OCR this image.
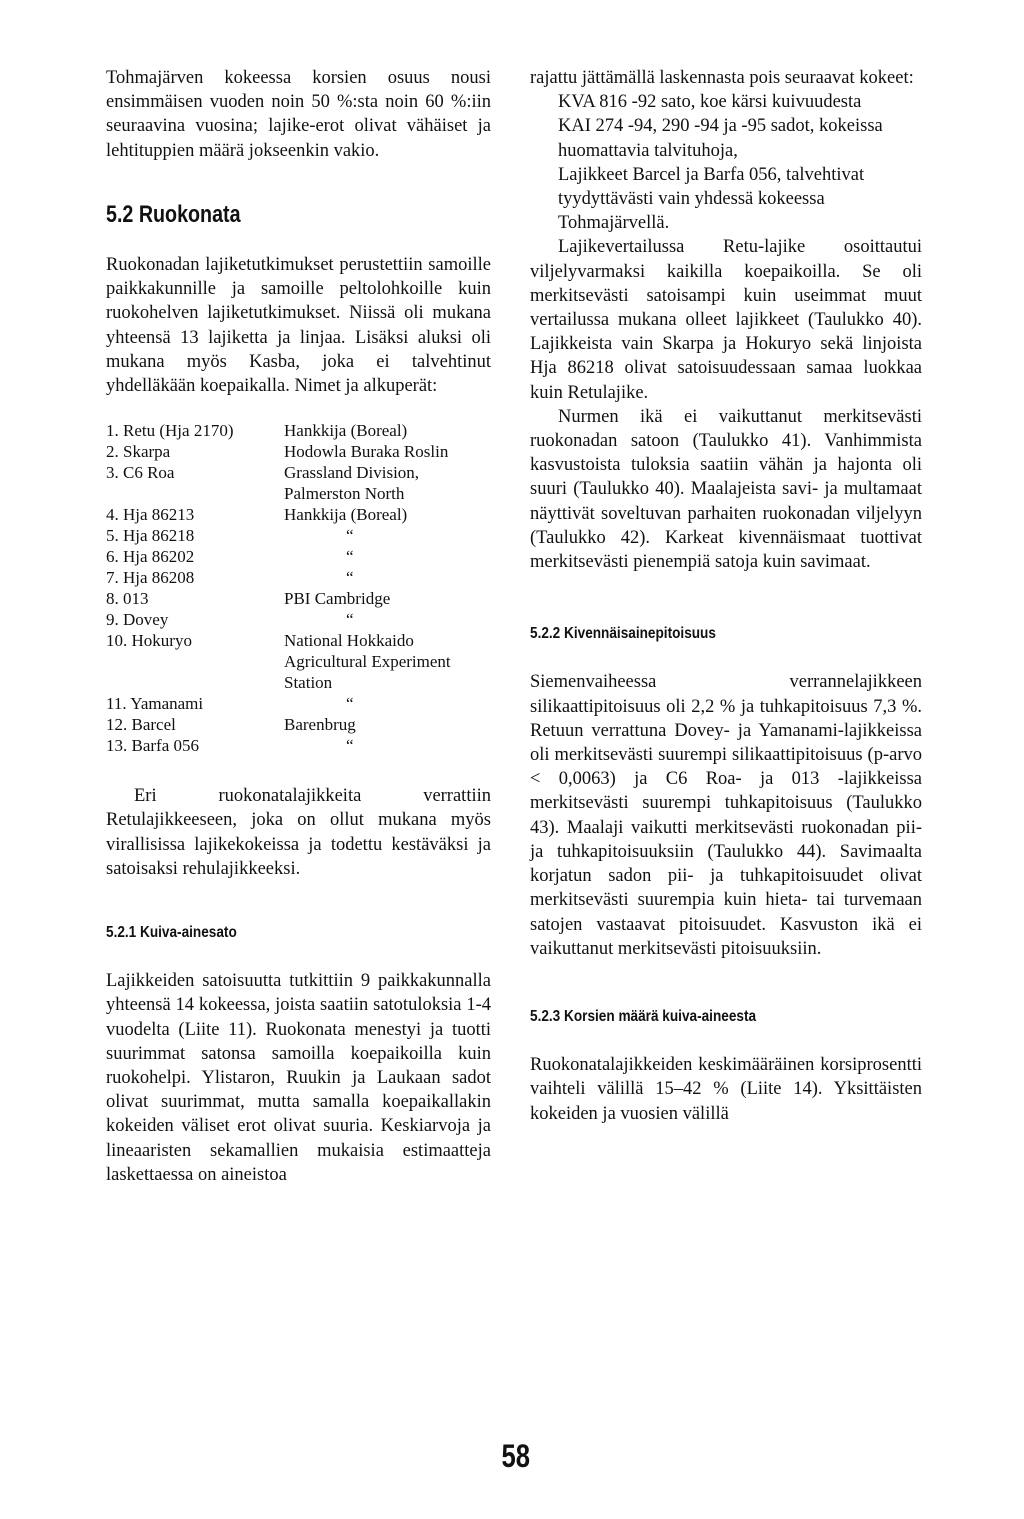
Tohmajärven kokeessa korsien osuus nousi ensimmäisen vuoden noin 50 %:sta noin 60 %:iin seuraavina vuosina; lajike-erot olivat vähäiset ja lehtituppien määrä jokseenkin vakio.

5.2 Ruokonata

Ruokonadan lajiketutkimukset perustettiin samoille paikkakunnille ja samoille peltolohkoille kuin ruokohelven lajiketutkimukset. Niissä oli mukana yhteensä 13 lajiketta ja linjaa. Lisäksi aluksi oli mukana myös Kasba, joka ei talvehtinut yhdelläkään koepaikalla. Nimet ja alkuperät:

1. Retu (Hja 2170)	Hankkija (Boreal)
2. Skarpa	Hodowla Buraka Roslin
3. C6 Roa	Grassland Division, Palmerston North
4. Hja 86213	Hankkija (Boreal)
5. Hja 86218	“
6. Hja 86202	“
7. Hja 86208	“
8. 013	PBI Cambridge
9. Dovey	“
10. Hokuryo	National Hokkaido Agricultural Experiment Station
11. Yamanami	“
12. Barcel	Barenbrug
13. Barfa 056	“

Eri ruokonatalajikkeita verrattiin Retulajikkeeseen, joka on ollut mukana myös virallisissa lajikekokeissa ja todettu kestäväksi ja satoisaksi rehulajikkeeksi.

5.2.1 Kuiva-ainesato

Lajikkeiden satoisuutta tutkittiin 9 paikkakunnalla yhteensä 14 kokeessa, joista saatiin satotuloksia 1-4 vuodelta (Liite 11). Ruokonata menestyi ja tuotti suurimmat satonsa samoilla koepaikoilla kuin ruokohelpi. Ylistaron, Ruukin ja Laukaan sadot olivat suurimmat, mutta samalla koepaikallakin kokeiden väliset erot olivat suuria. Keskiarvoja ja lineaaristen sekamallien mukaisia estimaatteja laskettaessa on aineistoa

rajattu jättämällä laskennasta pois seuraavat kokeet:

KVA 816 -92 sato, koe kärsi kuivuudesta

KAI 274 -94, 290 -94 ja -95 sadot, kokeissa huomattavia talvituhoja,

Lajikkeet Barcel ja Barfa 056, talvehtivat tyydyttävästi vain yhdessä kokeessa Tohmajärvellä.

Lajikevertailussa Retu-lajike osoittautui viljelyvarmaksi kaikilla koepaikoilla. Se oli merkitsevästi satoisampi kuin useimmat muut vertailussa mukana olleet lajikkeet (Taulukko 40). Lajikkeista vain Skarpa ja Hokuryo sekä linjoista Hja 86218 olivat satoisuudessaan samaa luokkaa kuin Retulajike.

Nurmen ikä ei vaikuttanut merkitsevästi ruokonadan satoon (Taulukko 41). Vanhimmista kasvustoista tuloksia saatiin vähän ja hajonta oli suuri (Taulukko 40). Maalajeista savi- ja multamaat näyttivät soveltuvan parhaiten ruokonadan viljelyyn (Taulukko 42). Karkeat kivennäismaat tuottivat merkitsevästi pienempiä satoja kuin savimaat.

5.2.2 Kivennäisainepitoisuus

Siemenvaiheessa verrannelajikkeen silikaattipitoisuus oli 2,2 % ja tuhkapitoisuus 7,3 %. Retuun verrattuna Dovey- ja Yamanami-lajikkeissa oli merkitsevästi suurempi silikaattipitoisuus (p-arvo < 0,0063) ja C6 Roa- ja 013 -lajikkeissa merkitsevästi suurempi tuhkapitoisuus (Taulukko 43). Maalaji vaikutti merkitsevästi ruokonadan pii- ja tuhkapitoisuuksiin (Taulukko 44). Savimaalta korjatun sadon pii- ja tuhkapitoisuudet olivat merkitsevästi suurempia kuin hieta- tai turvemaan satojen vastaavat pitoisuudet. Kasvuston ikä ei vaikuttanut merkitsevästi pitoisuuksiin.

5.2.3 Korsien määrä kuiva-aineesta

Ruokonatalajikkeiden keskimääräinen korsiprosentti vaihteli välillä 15–42 % (Liite 14). Yksittäisten kokeiden ja vuosien välillä

58
